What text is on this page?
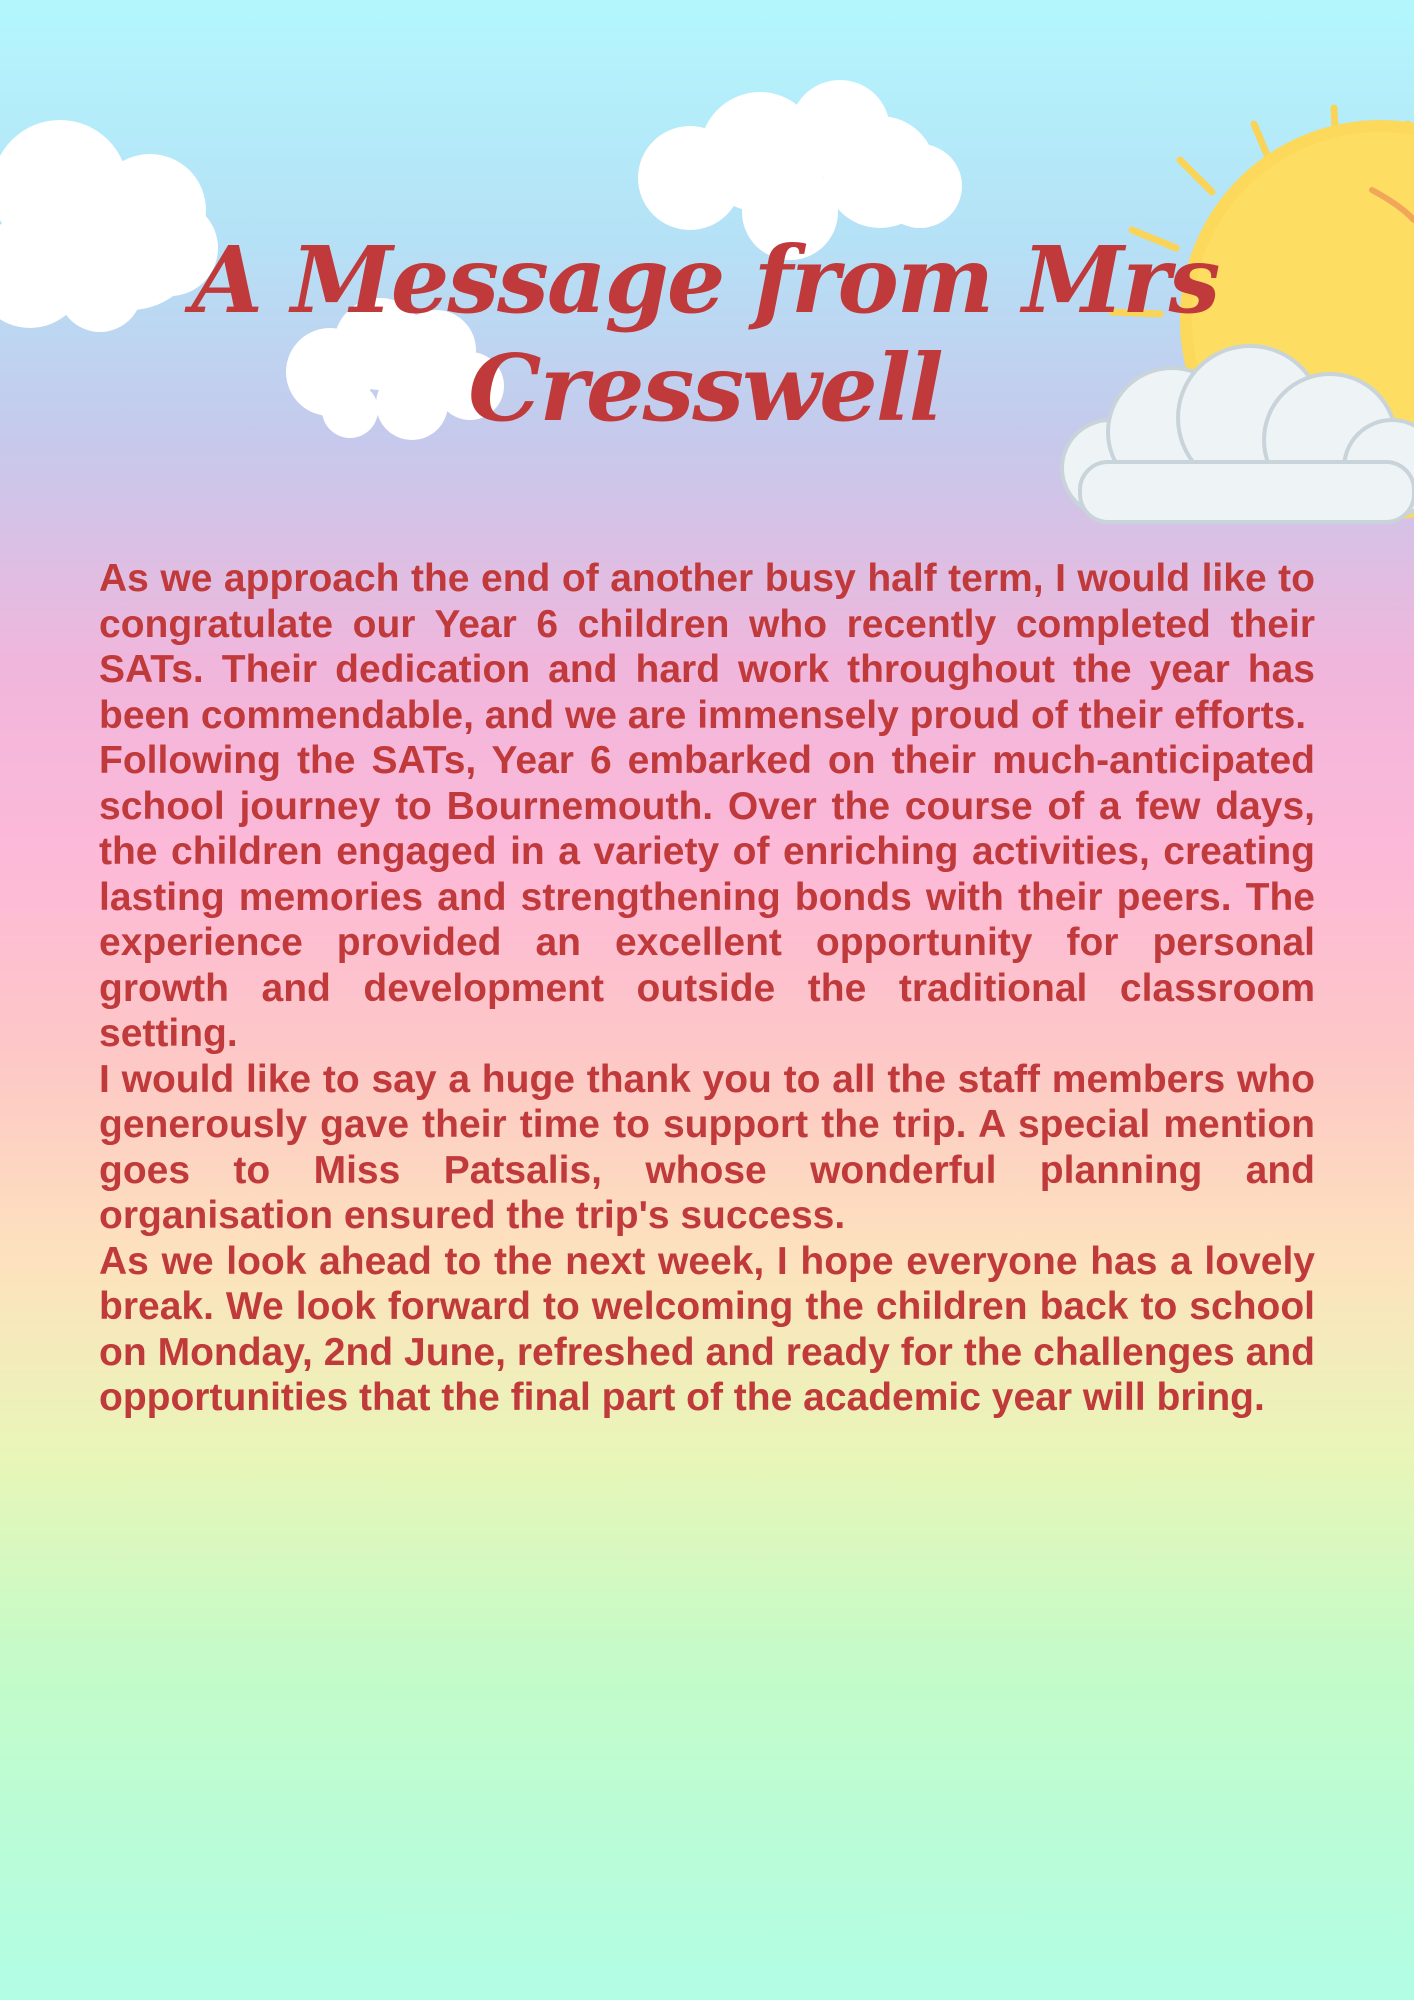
A Message from Mrs Cresswell

As we approach the end of another busy half term, I would like to congratulate our Year 6 children who recently completed their SATs. Their dedication and hard work throughout the year has been commendable, and we are immensely proud of their efforts.

Following the SATs, Year 6 embarked on their much-anticipated school journey to Bournemouth. Over the course of a few days, the children engaged in a variety of enriching activities, creating lasting memories and strengthening bonds with their peers. The experience provided an excellent opportunity for personal growth and development outside the traditional classroom setting.

I would like to say a huge thank you to all the staff members who generously gave their time to support the trip. A special mention goes to Miss Patsalis, whose wonderful planning and organisation ensured the trip's success.

As we look ahead to the next week, I hope everyone has a lovely break. We look forward to welcoming the children back to school on Monday, 2nd June, refreshed and ready for the challenges and opportunities that the final part of the academic year will bring.
